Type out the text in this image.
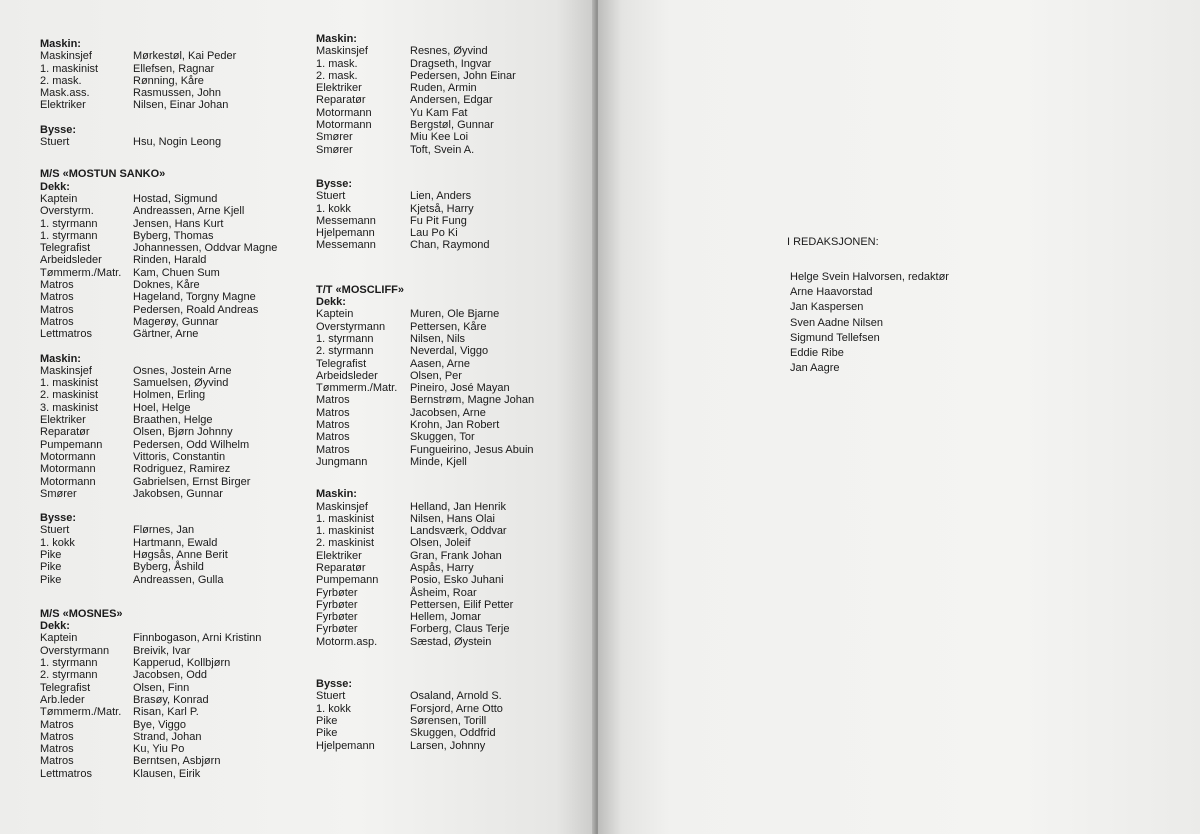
Maskin:
Maskinsjef	Mørkestøl, Kai Peder
1. maskinist	Ellefsen, Ragnar
2. mask.	Rønning, Kåre
Mask.ass.	Rasmussen, John
Elektriker	Nilsen, Einar Johan
Bysse:
Stuert	Hsu, Nogin Leong
M/S «MOSTUN SANKO»
Dekk:
Kaptein	Hostad, Sigmund
Overstyrm.	Andreassen, Arne Kjell
1. styrmann	Jensen, Hans Kurt
1. styrmann	Byberg, Thomas
Telegrafist	Johannessen, Oddvar Magne
Arbeidsleder	Rinden, Harald
Tømmerm./Matr. Kam, Chuen Sum
Matros	Doknes, Kåre
Matros	Hageland, Torgny Magne
Matros	Pedersen, Roald Andreas
Matros	Magerøy, Gunnar
Lettmatros	Gärtner, Arne
Maskin:
Maskinsjef	Osnes, Jostein Arne
1. maskinist	Samuelsen, Øyvind
2. maskinist	Holmen, Erling
3. maskinist	Hoel, Helge
Elektriker	Braathen, Helge
Reparatør	Olsen, Bjørn Johnny
Pumpemann	Pedersen, Odd Wilhelm
Motormann	Vittoris, Constantin
Motormann	Rodriguez, Ramirez
Motormann	Gabrielsen, Ernst Birger
Smører	Jakobsen, Gunnar
Bysse:
Stuert	Flørnes, Jan
1. kokk	Hartmann, Ewald
Pike	Høgsås, Anne Berit
Pike	Byberg, Åshild
Pike	Andreassen, Gulla
M/S «MOSNES»
Dekk:
Kaptein	Finnbogason, Arni Kristinn
Overstyrmann Breivik, Ivar
1. styrmann	Kapperud, Kollbjørn
2. styrmann	Jacobsen, Odd
Telegrafist	Olsen, Finn
Arb.leder	Brasøy, Konrad
Tømmerm./Matr. Risan, Karl P.
Matros	Bye, Viggo
Matros	Strand, Johan
Matros	Ku, Yiu Po
Matros	Berntsen, Asbjørn
Lettmatros	Klausen, Eirik
Maskin:
Maskinsjef	Resnes, Øyvind
1. mask.	Dragseth, Ingvar
2. mask.	Pedersen, John Einar
Elektriker	Ruden, Armin
Reparatør	Andersen, Edgar
Motormann	Yu Kam Fat
Motormann	Bergstøl, Gunnar
Smører	Miu Kee Loi
Smører	Toft, Svein A.
Bysse:
Stuert	Lien, Anders
1. kokk	Kjetså, Harry
Messemann	Fu Pit Fung
Hjelpemann	Lau Po Ki
Messemann	Chan, Raymond
T/T «MOSCLIFF»
Dekk:
Kaptein	Muren, Ole Bjarne
Overstyrmann Pettersen, Kåre
1. styrmann	Nilsen, Nils
2. styrmann	Neverdal, Viggo
Telegrafist	Aasen, Arne
Arbeidsleder	Olsen, Per
Tømmerm./Matr. Pineiro, José Mayan
Matros	Bernstrøm, Magne Johan
Matros	Jacobsen, Arne
Matros	Krohn, Jan Robert
Matros	Skuggen, Tor
Matros	Fungueirino, Jesus Abuin
Jungmann	Minde, Kjell
Maskin:
Maskinsjef	Helland, Jan Henrik
1. maskinist	Nilsen, Hans Olai
1. maskinist	Landsværk, Oddvar
2. maskinist	Olsen, Joleif
Elektriker	Gran, Frank Johan
Reparatør	Aspås, Harry
Pumpemann	Posio, Esko Juhani
Fyrbøter	Åsheim, Roar
Fyrbøter	Pettersen, Eilif Petter
Fyrbøter	Hellem, Jomar
Fyrbøter	Forberg, Claus Terje
Motorm.asp.	Sæstad, Øystein
Bysse:
Stuert	Osaland, Arnold S.
1. kokk	Forsjord, Arne Otto
Pike	Sørensen, Torill
Pike	Skuggen, Oddfrid
Hjelpemann	Larsen, Johnny
I REDAKSJONEN:
Helge Svein Halvorsen, redaktør
Arne Haavorstad
Jan Kaspersen
Sven Aadne Nilsen
Sigmund Tellefsen
Eddie Ribe
Jan Aagre
